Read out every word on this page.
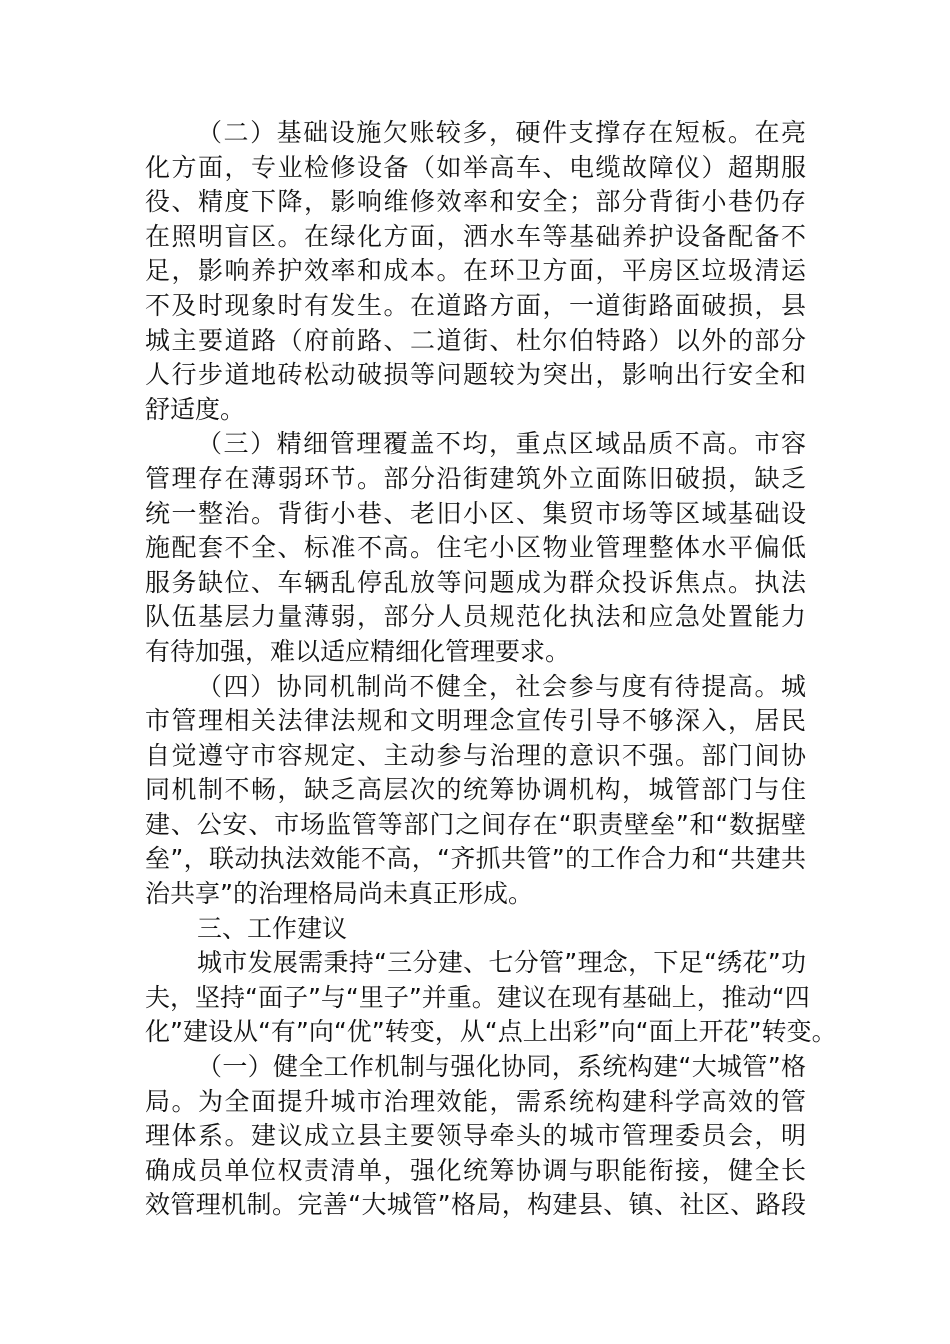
（二）基础设施欠账较多，硬件支撑存在短板。在亮
化方面，专业检修设备（如举高车、电缆故障仪）超期服
役、精度下降，影响维修效率和安全；部分背街小巷仍存
在照明盲区。在绿化方面，洒水车等基础养护设备配备不
足，影响养护效率和成本。在环卫方面，平房区垃圾清运
不及时现象时有发生。在道路方面，一道街路面破损，县
城主要道路（府前路、二道街、杜尔伯特路）以外的部分
人行步道地砖松动破损等问题较为突出，影响出行安全和
舒适度。
（三）精细管理覆盖不均，重点区域品质不高。市容
管理存在薄弱环节。部分沿街建筑外立面陈旧破损，缺乏
统一整治。背街小巷、老旧小区、集贸市场等区域基础设
施配套不全、标准不高。住宅小区物业管理整体水平偏低
服务缺位、车辆乱停乱放等问题成为群众投诉焦点。执法
队伍基层力量薄弱，部分人员规范化执法和应急处置能力
有待加强，难以适应精细化管理要求。
（四）协同机制尚不健全，社会参与度有待提高。城
市管理相关法律法规和文明理念宣传引导不够深入，居民
自觉遵守市容规定、主动参与治理的意识不强。部门间协
同机制不畅，缺乏高层次的统筹协调机构，城管部门与住
建、公安、市场监管等部门之间存在“职责壁垒”和“数据壁
垒”，联动执法效能不高，“齐抓共管”的工作合力和“共建共
治共享”的治理格局尚未真正形成。
三、工作建议
城市发展需秉持“三分建、七分管”理念，下足“绣花”功
夫，坚持“面子”与“里子”并重。建议在现有基础上，推动“四
化”建设从“有”向“优”转变，从“点上出彩”向“面上开花”转变。
（一）健全工作机制与强化协同，系统构建“大城管”格
局。为全面提升城市治理效能，需系统构建科学高效的管
理体系。建议成立县主要领导牵头的城市管理委员会，明
确成员单位权责清单，强化统筹协调与职能衔接，健全长
效管理机制。完善“大城管”格局，构建县、镇、社区、路段
